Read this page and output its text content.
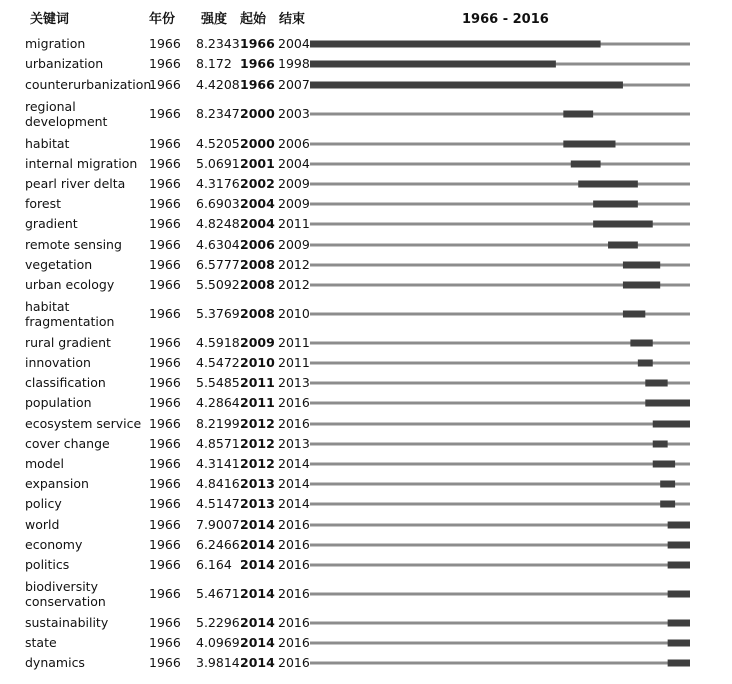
关键词	年份 强度 起始 结束	1966 - 2016
migration	1966 8.2343 1966 2004
urbanization	1966 8.172 1966 1998
counterurbanization
1966 4.4208 1966 2007
regional development
1966 8.2347 2000 2003
habitat	1966 4.5205 2000 2006
internal migration 1966 5.0691 2001 2004
pearl river delta 1966 4.3176 2002 2009
forest	1966 6.6903 2004 2009
gradient	1966 4.8248 2004 2011
remote sensing 1966 4.6304 2006 2009
vegetation	1966 6.5777 2008 2012
urban ecology	1966 5.5092 2008 2012
habitat fragmentation
1966 5.3769 2008 2010
rural gradient	1966 4.5918 2009 2011
innovation	1966 4.5472 2010 2011
classification	1966 5.5485 2011 2013
population	1966 4.2864 2011 2016
ecosystem service 1966 8.2199 2012 2016
cover change	1966 4.8571 2012 2013
model	1966 4.3141 2012 2014
expansion	1966 4.8416 2013 2014
policy	1966 4.5147 2013 2014
world	1966 7.9007 2014 2016
economy	1966 6.2466 2014 2016
politics	1966 6.164 2014 2016
biodiversity conservation
1966 5.4671 2014 2016
sustainability	1966 5.2296 2014 2016
state	1966 4.0969 2014 2016
dynamics	1966 3.9814 2014 2016
